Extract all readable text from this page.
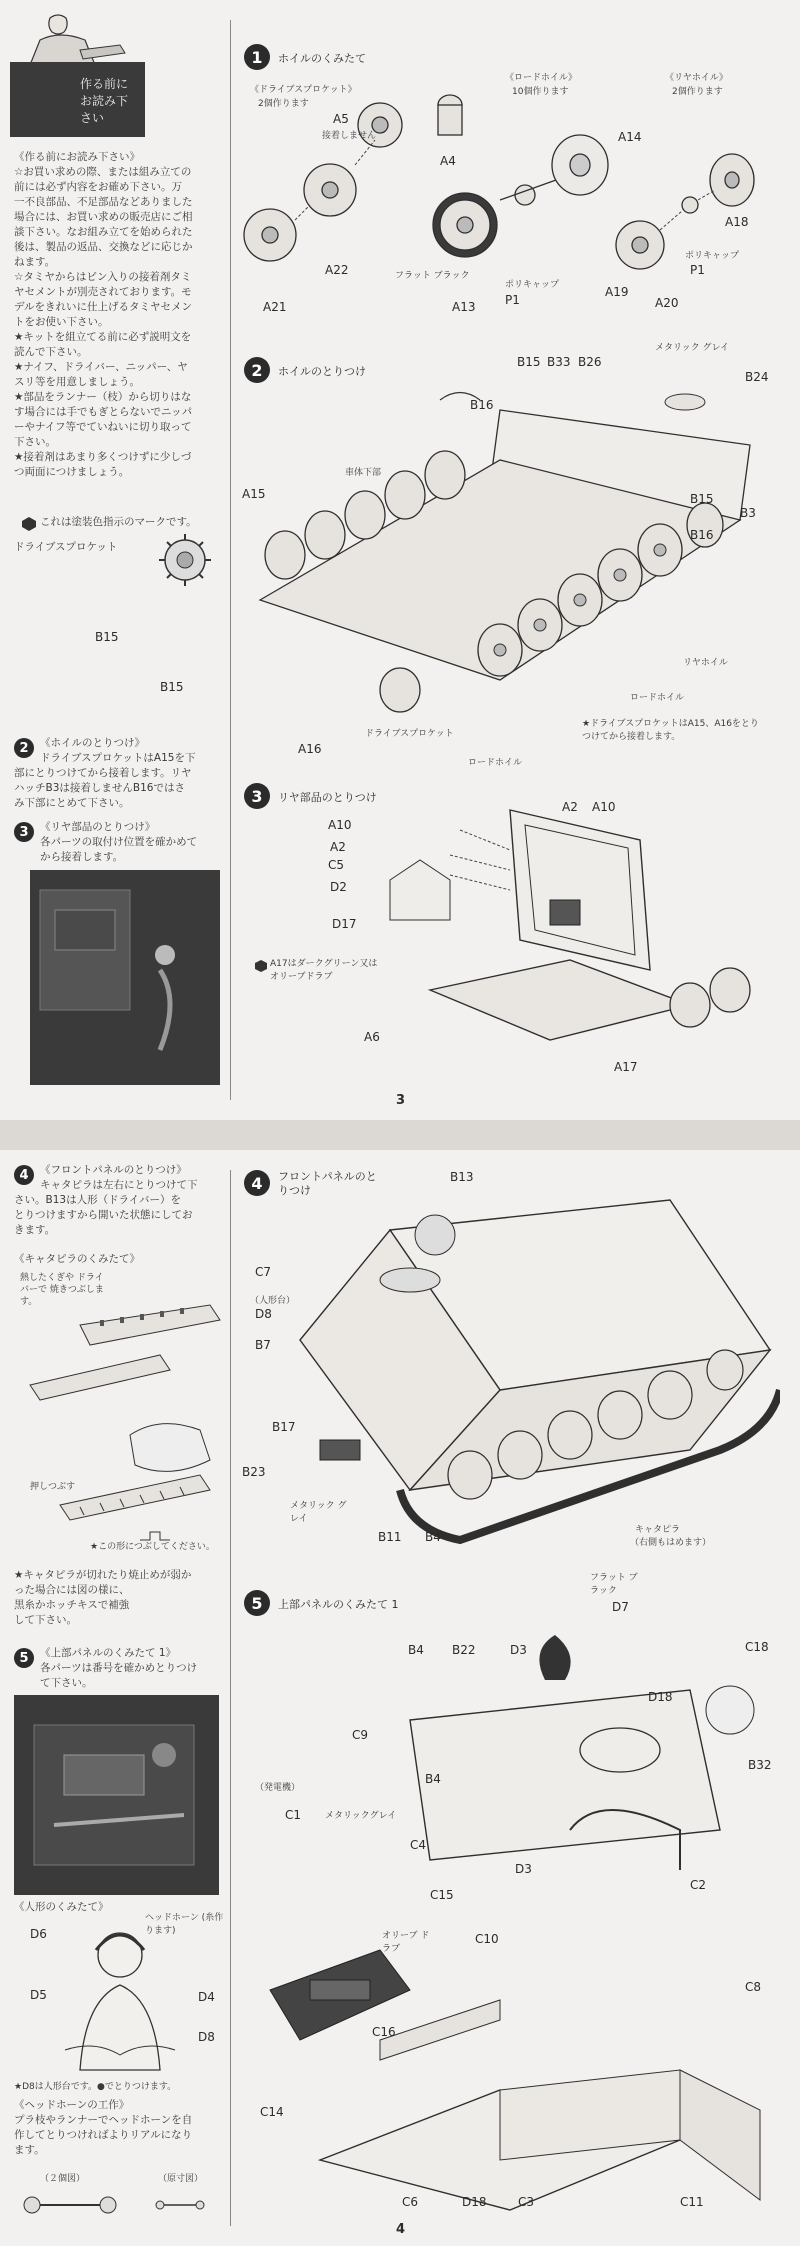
作る前に お読み下さい
《作る前にお読み下さい》
☆お買い求めの際、または組み立ての
前には必ず内容をお確め下さい。万
一不良部品、不足部品などありました
場合には、お買い求めの販売店にご相
談下さい。なお組み立てを始められた
後は、製品の返品、交換などに応じか
ねます。
☆タミヤからはピン入りの接着剤タミ
ヤセメントが別売されております。モ
デルをきれいに仕上げるタミヤセメン
トをお使い下さい。
★キットを組立てる前に必ず説明文を
読んで下さい。
★ナイフ、ドライバー、ニッパー、ヤ
スリ等を用意しましょう。
★部品をランナー（枝）から切りはな
す場合には手でもぎとらないでニッパ
ーやナイフ等でていねいに切り取って
下さい。
★接着剤はあまり多くつけずに少しづ
つ両面につけましょう。
これは塗装色指示のマークです。
ドライブスプロケット
B15
B15
2 《ホイルのとりつけ》
ドライブスプロケットはA15を下
部にとりつけてから接着します。リヤ
ハッチB3は接着しませんB16ではさ
み下部にとめて下さい。
3 《リヤ部品のとりつけ》
各パーツの取付け位置を確かめて
から接着します。
1 ホイルのくみたて
《ドライブスプロケット》
2個作ります
《ロードホイル》
10個作ります
《リヤホイル》
2個作ります
A5
接着しません
A4
A14
A22
A21
フラット ブラック
A13
ポリキャップ
P1
A19
A20
ポリキャップ
P1
A18
2 ホイルのとりつけ
B16
B15 B33 B26
メタリック グレイ
B24
車体下部
A15	B15
B3
B16
リヤホイル
ロードホイル
A16
ドライブスプロケット
ロードホイル
★ドライブスプロケットはA15、A16をとりつけてから接着します。
3 リヤ部品のとりつけ
A10
A2
C5
D2
A2 A10
D17
A6
A17
A17はダークグリーン又はオリーブドラブ
3
4 《フロントパネルのとりつけ》
キャタピラは左右にとりつけて下
さい。B13は人形（ドライバー）を
とりつけますから開いた状態にしてお
きます。
《キャタピラのくみたて》
熱したくぎや ドライバーで 焼きつぶします。
押しつぶす
★この形につぶしてください。
★キャタピラが切れたり焼止めが弱か
った場合には図の様に、
黒糸かホッチキスで補強
して下さい。
5 《上部パネルのくみたて 1》
各パーツは番号を確かめとりつけ
て下さい。
《人形のくみたて》
ヘッドホーン (糸作ります)
D6
D5	D4
D8
★D8は人形台です。●でとりつけます。
《ヘッドホーンの工作》
プラ枝やランナーでヘッドホーンを自
作してとりつければよりリアルになり
ます。
（２個図）	（原寸図）
4 フロントパネルのとりつけ
B13
C7
（人形台）
D8
B7
B17
B23
メタリック グレイ
B11 B4	キャタピラ
（右側もはめます）
5 上部パネルのくみたて 1
フラット ブラック
D7
B4 B22	D3	C18
D18
C9
B32
B4
（発電機）
C1	メタリックグレイ
C4
C15
D3
C2
オリーブ ドラブ
C10
C8
C16
C14
C6	D18	C3	C11
4
